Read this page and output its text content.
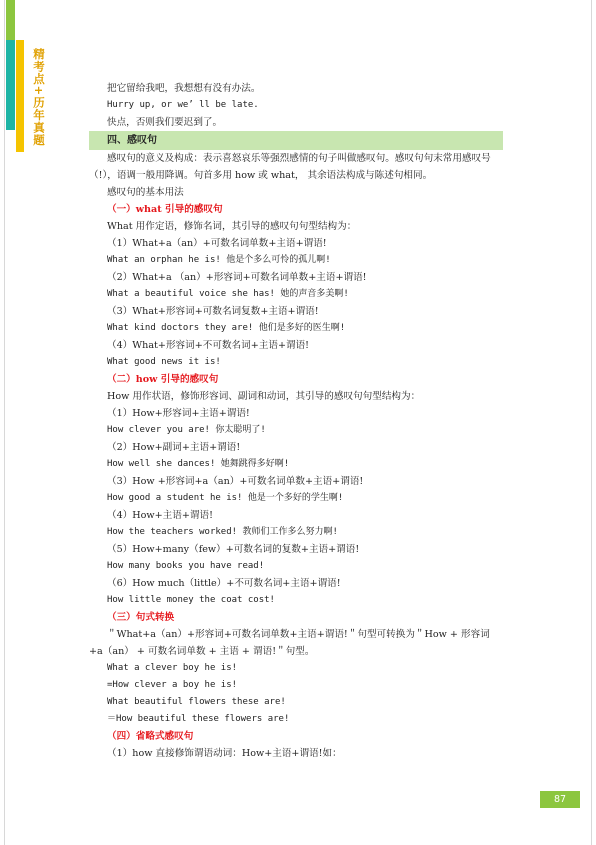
精考点+历年真题	把它留给我吧，我想想有没有办法。

Hurry up, or we’ ll be late.

快点，否则我们要迟到了。

四、感叹句

感叹句的意义及构成：表示喜怒哀乐等强烈感情的句子叫做感叹句。感叹句句末常用感叹号（!），语调一般用降调。句首多用 how 或 what， 其余语法构成与陈述句相同。

感叹句的基本用法

（一）what 引导的感叹句

What 用作定语，修饰名词，其引导的感叹句句型结构为：

（1）What+a（an）+可数名词单数+主语+谓语!

What an orphan he is! 他是个多么可怜的孤儿啊!

（2）What+a （an）+形容词+可数名词单数+主语+谓语!

What a beautiful voice she has! 她的声音多美啊!

（3）What+形容词+可数名词复数+主语+谓语!

What kind doctors they are! 他们是多好的医生啊!

（4）What+形容词+不可数名词+主语+谓语!

What good news it is!

（二）how 引导的感叹句

How 用作状语，修饰形容词、副词和动词，其引导的感叹句句型结构为：

（1）How+形容词+主语+谓语!

How clever you are! 你太聪明了!

（2）How+副词+主语+谓语!

How well she dances! 她舞跳得多好啊!

（3）How +形容词+a（an）+可数名词单数+主语+谓语!

How good a student he is! 他是一个多好的学生啊!

（4）How+主语+谓语!

How the teachers worked! 教师们工作多么努力啊!

（5）How+many（few）+可数名词的复数+主语+谓语!

How many books you have read!

（6）How much（little）+不可数名词+主语+谓语!

How little money the coat cost!

（三）句式转换

＂What+a（an）+形容词+可数名词单数+主语+谓语!＂句型可转换为＂How + 形容词 +a（an） + 可数名词单数 + 主语 + 谓语!＂句型。

What a clever boy he is!

=How clever a boy he is!

What beautiful flowers these are!

＝How beautiful these flowers are!

（四）省略式感叹句

（1）how 直接修饰谓语动词：How+主语+谓语!如：

87
